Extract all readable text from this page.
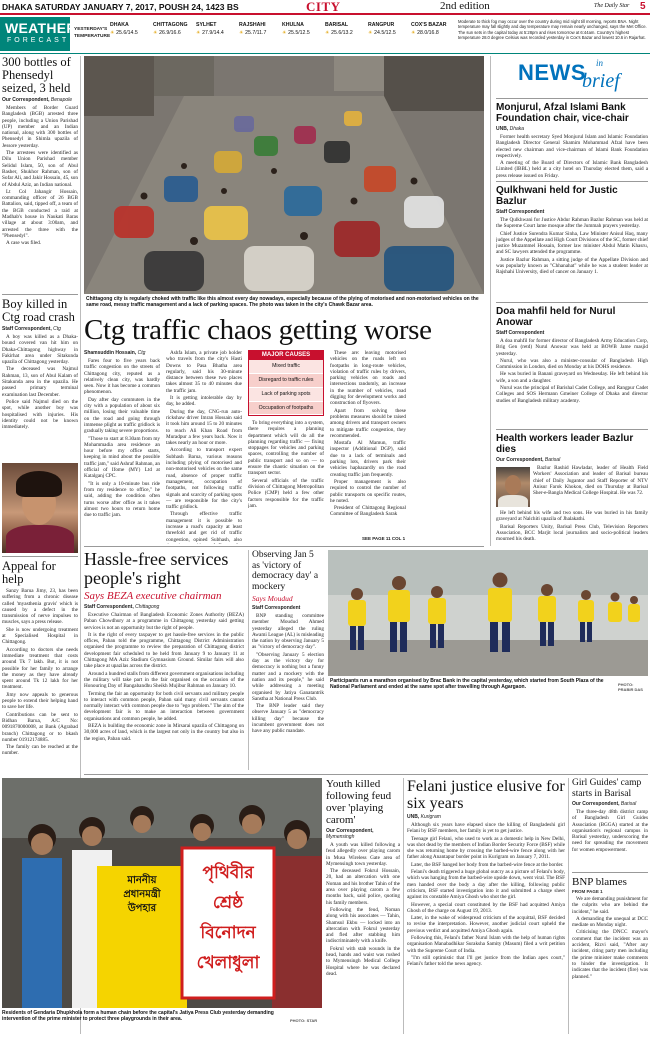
DHAKA SATURDAY JANUARY 7, 2017, POUSH 24, 1423 BS	CITY	2nd edition	The Daily Star 5
WEATHER
FORECAST
YESTERDAY'S
TEMPERATURE
DHAKA
☀ 25.6/14.5
CHITTAGONG
☀ 26.9/16.6
SYLHET
☀ 27.9/14.4
RAJSHAHI
☀ 25.7/11.7
KHULNA
☀ 25.5/12.5
BARISAL
☀ 25.6/13.2
RANGPUR
☀ 24.5/12.5
COX'S BAZAR
☀ 28.0/16.8
Moderate to thick fog may occur over the country during mid night till morning, reports BNA. Night temperature may fall slightly and day temperature may remain nearly unchanged, says the Met Office. The sun sets in the capital today at 5:28pm and rises tomorrow at 6:44am. Country's highest temperature 28.0 degree Celsius was recorded yesterday in Cox's Bazar and lowest 10.6 in Rajarhat.
300 bottles of Phensedyl seized, 3 held
Our Correspondent, Benapole

Members of Border Guard Bangladesh (BGB) arrested three people, including a Union Parishad (UP) member and an Indian national, along with 300 bottles of Phensedyl in Shimla upazila of Jessore yesterday.

The arrestees were identified as Dilu Union Parishad member Selidul Islam, 50, son of Abul Basher, Shukhor Rahman, son of Sofar Ali, and Jakir Hossain, 45, son of Abdul Aziz, an Indian national.

Lt Col Jahangir Hossain, commanding officer of 26 BGB Battalion, said, tipped off, a team of the BGB conducted a raid at Madhab's house in Naukati Baras village at about 3:00am, and arrested the three with the "Phensedyl".

A case was filed.

Boy killed in Ctg road crash
Staff Correspondent, Ctg

A boy was killed as a Dhaka-bound covered van hit him on Dhaka-Chittagong highway in Fakirhat area under Sitakunda upazila of Chittagong yesterday.

The deceased was Najmul Rahman, 13, son of Abul Kalam of Sitakunda area in the upazila. He passed primary terminal examination last December.

Police said Najmul died on the spot, while another boy was hospitalised with injuries. His identity could not be known immediately.

Appeal for help

Sanzy Barua Jimy, 23, has been suffering from a chronic disease called 'myasthenia gravis' which is caused by a defect in the transmission of nerve impulses to muscles, says a press release.

She is now undergoing treatment at Specialised Hospital in Chittagong.

According to doctors she needs immediate treatment that costs around Tk 7 lakh. But, it is not possible for her family to arrange the money as they have already spent around Tk 12 lakh for her treatment.

Jimy now appeals to generous people to extend their helping hand to save her life.

Contributions can be sent to Bidhan Barua, A/C No: 0091870000008, at Bank (Agrabad branch) Chittagong or to bkash number 01912174885.

The family can be reached at the number.

Chittagong city is regularly choked with traffic like this almost every day nowadays, especially because of the plying of motorised and non-motorised vehicles on the same road, messy traffic management and a lack of parking spaces. The photo was taken in the city's Chawk Bazar area.
Ctg traffic chaos getting worse
Shamsuddin Hossain, Ctg

Fares four to five years back traffic congestion on the streets of Chittagong city, reputed as a relatively clean city, was hardly seen. Now it has become a common phenomenon.

Day after day commuters in the city with a population of about six million, losing their valuable time on the road and going through immense plight as traffic gridlock is gradually taking severe proportions.

"Those to start at 8.30am from my Mohammadia area residence an hour before my office starts, keeping in mind about the possible traffic jam," said Ashraf Rahman, an official of Ifome (MY) Ltd at Katalganj CPC.

"It is only a 10-minute bus ride from my residence to office," he said, adding the condition often turns worse after office as it takes almost two hours to return home due to traffic jam.

Ashfa Islam, a private job holder who travels from the city's Hasti Downs to Pasa Bhatha area regularly, said his 30-minute distance between these two places takes almost 35 to 40 minutes due the traffic jam.

It is getting intolerable day by day, he added.

During the day, CNG-run auto-rickshaw driver Imran Hossain said it took him around 15 to 20 minutes to reach Ali Khan Road from Muradpur a few years back. Now it takes nearly an hour or more.

According to transport expert Subhash Barua, various reasons including plying of motorised and non-motorised vehicles on the same road, absence of proper traffic management, occupation of footpaths, not following traffic signals and scarcity of parking spots — are responsible for the city's traffic gridlock.

Through effective traffic management it is possible to increase a road's capacity at least threefold and get rid of traffic congestion, opined Subhash, also

MAJOR CAUSES
Mixed traffic
Disregard to traffic rules
Lack of parking spots
Occupation of footpaths

To bring everything into a system, there requires a planning department which will do all the planning regarding traffic — fixing stoppages for vehicles and parking spaces, controlling the number of public transport and so on — to ensure the chaotic situation on the transport sector.

Several officials of the traffic division of Chittagong Metropolitan Police (CMP) held a few other factors responsible for the traffic jam.

These are: leaving motorised vehicles on the roads left on footpaths in long-route vehicles, violation of traffic rules by drivers, parking vehicles on roads and intersections randomly, an increase in the number of vehicles, road digging for development works and construction of flyovers.

Apart from solving these problems measures should be raised among drivers and transport owners to mitigate traffic congestion, they recommended.

Mostafa Al Mamun, traffic inspector (Additional DGP), said due to a lack of terminals and parking lots, drivers park their vehicles haphazardly on the road creating traffic jam frequently.

Proper management is also required to control the number of public transports on specific routes, he noted.

President of Chittagong Regional Committee of Bangladesh Sarak

SEE PAGE 11 COL 1
NEWS in
brief
Monjurul, Afzal Islami Bank Foundation chair, vice-chair
UNB, Dhaka

Former health secretary Syed Monjurul Islam and Islamic Foundation Bangladesh Director General Shamim Mohammad Afzal have been elected new chairman and vice-chairman of Islami Bank Foundation respectively.

A meeting of the Board of Directors of Islamic Bank Bangladesh Limited (IBBL) held at a city hotel on Thursday elected them, said a press release issued on Friday.

Qulkhwani held for Justic Bazlur
Staff Correspondent

The Qulkhwani for Justice Abdur Rahman Bazlur Rahman was held at the Supreme Court lame mosque after the Jummah prayers yesterday.

Chief Justice Surendra Kumar Sinha, Law Minister Anisul Haq, many judges of the Appellate and High Court Divisions of the SC, former chief justice Muzammel Hossain, former law minister Abdul Matin Khasru, and SC lawyers attended the programme.

Justice Bazlur Rahman, a sitting judge of the Appellate Division and was popularly known as "Chhanahat" while he was a student leader at Rajshahi University, died of cancer on January 1.

Doa mahfil held for Nurul Anowar
Staff Correspondent

A doa mahfil for former director of Bangladesh Army Education Corp, Brig Gen (retd) Nurul Anowar was held at BOWB Jame masjid yesterday.

Nurul, who was also a minister-consular of Bangladesh High Commission in London, died on Monday at his DOHS residence.

He was buried in Banani graveyard on Wednesday. He left behind his wife, a son and a daughter.

Nurul was the principal of Barishal Cadet College, and Rangpur Cadet Colleges and SOS Hermann Gmeiner College of Dhaka and director studies of Bangladesh military academy.

Health workers leader Bazlur dies
Our Correspondent, Barisal

Bazlur Rashid Hawladar, leader of Health Field Workers' Association and leader of Barisal bureau chief of Daily Jugantor and Staff Reporter of NTV Anisur Farok Khokon, died on Thursday at Barisal Sher-e-Bangla Medical College Hospital. He was 72.

He left behind his wife and two sons. He was buried in his family graveyard at Nalchiti upazila of Jhalakathi.

Barisal Reporters Unity, Barisal Press Club, Television Reporters Association, BCC Marjit local journalists and socio-political leaders mourned his death.

Hassle-free services people's right
Says BEZA executive chairman
Staff Correspondent, Chittagong

Executive Chairman of Bangladesh Economic Zones Authority (BEZA) Paban Chowdhury at a programme in Chittagong yesterday said getting services is not an opportunity but the right of people.

It is the right of every taxpayer to get hassle-free services in the public offices, Paban told the programme, Chittagong District Administration organised the programme to review the preparation of Chittagong district development fair scheduled to be held from January 9 to January 11 at Chittagong MA Aziz Stadium Gymnasium Ground. Similar fairs will also take place at upazilas across the district.

Around a hundred stalls from different government organisations including the military will take part in the fair organised on the occasion of the Honouring Day of Bangabandhu Sheikh Mujibur Rahman on January 10.

Terming the fair an opportunity for both civil servants and military people to interact with common people, Paban said many civil servants cannot normally interact with common people due to "ego problem." The aim of the development fair is to make an interaction between government organisations and common people, he added.

BEZA is building the economic zone in Mirsarai upazila of Chittagong on 30,000 acres of land, which is the largest not only in the country but also in the region, Paban said.

Observing Jan 5 as 'victory of democracy day' a mockery
Says Moudud
Staff Correspondent

BNP standing committee member Moudud Ahmed yesterday alleged the ruling Awami League (AL) is misleading the nation by observing January 5 as "victory of democracy day".

"Observing January 5 election day as the victory day for democracy is nothing but a funny matter and a mockery with the nation and its people," he said while addressing a meeting organised by Jatiya Ganatantrik Sanstha at National Press Club.

The BNP leader said they observe January 5 as "democracy killing day" because the incumbent government does not have any public mandate.

Participants run a marathon organised by Brac Bank in the capital yesterday, which started from South Plaza of the National Parliament and ended at the same spot after travelling through Agargaon.	PHOTO: PRABIR DAS
মাননীয়
প্রধানমন্ত্রী
উপহার
পৃথিবীর
শ্রেষ্ঠ
বিনোদন
খেলাধুলা
Residents of Gendaria Dhupkhola form a human chain before the capital's Jatiya Press Club yesterday demanding intervention of the prime minister to protect three playgrounds in their area.	PHOTO: STAR
Youth killed following feud over 'playing carom'
Our Correspondent, Mymensingh

A youth was killed following a feud allegedly over playing carom in Musa Wireless Gate area of Mymensingh town yesterday.

The deceased Fokrul Hossain, 20, had an altercation with one Noman and his brother Tahin of the area over playing carom a few months back, said police, quoting his family members.

Following the feud, Noman along with his associates — Tahin, Shamsul Ekbu — locked into an altercation with Fokrul yesterday and fled after stabbing him indiscriminately with a knife.

Fokrul with stab wounds in the head, hands and waist was rushed to Mymensingh Medical College Hospital where he was declared dead.

Felani justice elusive for six years
UNB, Kurigram

Although six years have elapsed since the killing of Bangladeshi girl Felani by BSF members, her family is yet to get justice.

Teenage girl Felani, who used to work as a domestic help in New Delhi, was shot dead by the members of Indian Border Security Force (BSF) while she was returning home by crossing the barbed-wire fence along with her father along Anantapur border point in Kurigram on January 7, 2011.

Later, the BSF hanged her body from the barbed-wire fence at the border.

Felani's death triggered a huge global outcry as a picture of Felani's body, which was hanging from the barbed-wire upside down, went viral. The BSF men handed over the body a day after the killing, following public criticism, BSF started investigation into it and submitted a charge sheet against its constable Amiya Ghosh who shot the girl.

However, a special court constituted by the BSF had acquitted Amiya Ghosh of the charge on August 19, 2013.

Later, in the wake of widespread criticism of the acquittal, BSF decided to revise the interpretation. However, another judicial court upheld the previous verdict and acquitted Amiya Ghosh again.

Following this, Felani's father Nurul Islam with the help of human rights organisation Manabadhikar Suraksha Samity (Masum) filed a writ petition with the Supreme Court of India.

"I'm still optimistic that I'll get justice from the Indian apex court," Felani's father told the news agency.

Girl Guides' camp starts in Barisal
Our Correspondent, Barisal

The three-day 48th district camp of Bangladesh Girl Guides Association (BGGA) started at the organisation's regional campus in Barisal yesterday, underscoring the need for spreading the movement for women empowerment.

BNP blames
FROM PAGE 1

We are demanding punishment for the culprits who are behind the incident," he said.

A demanding the unequal at DCC mediate on Monday night.

Criticising the DNCC mayor's comment that the incident was an accident, Rizvi said, "After any incident, citing party men including the prime minister make comments to hinder the investigation. It indicates that the incident (fire) was planned."
